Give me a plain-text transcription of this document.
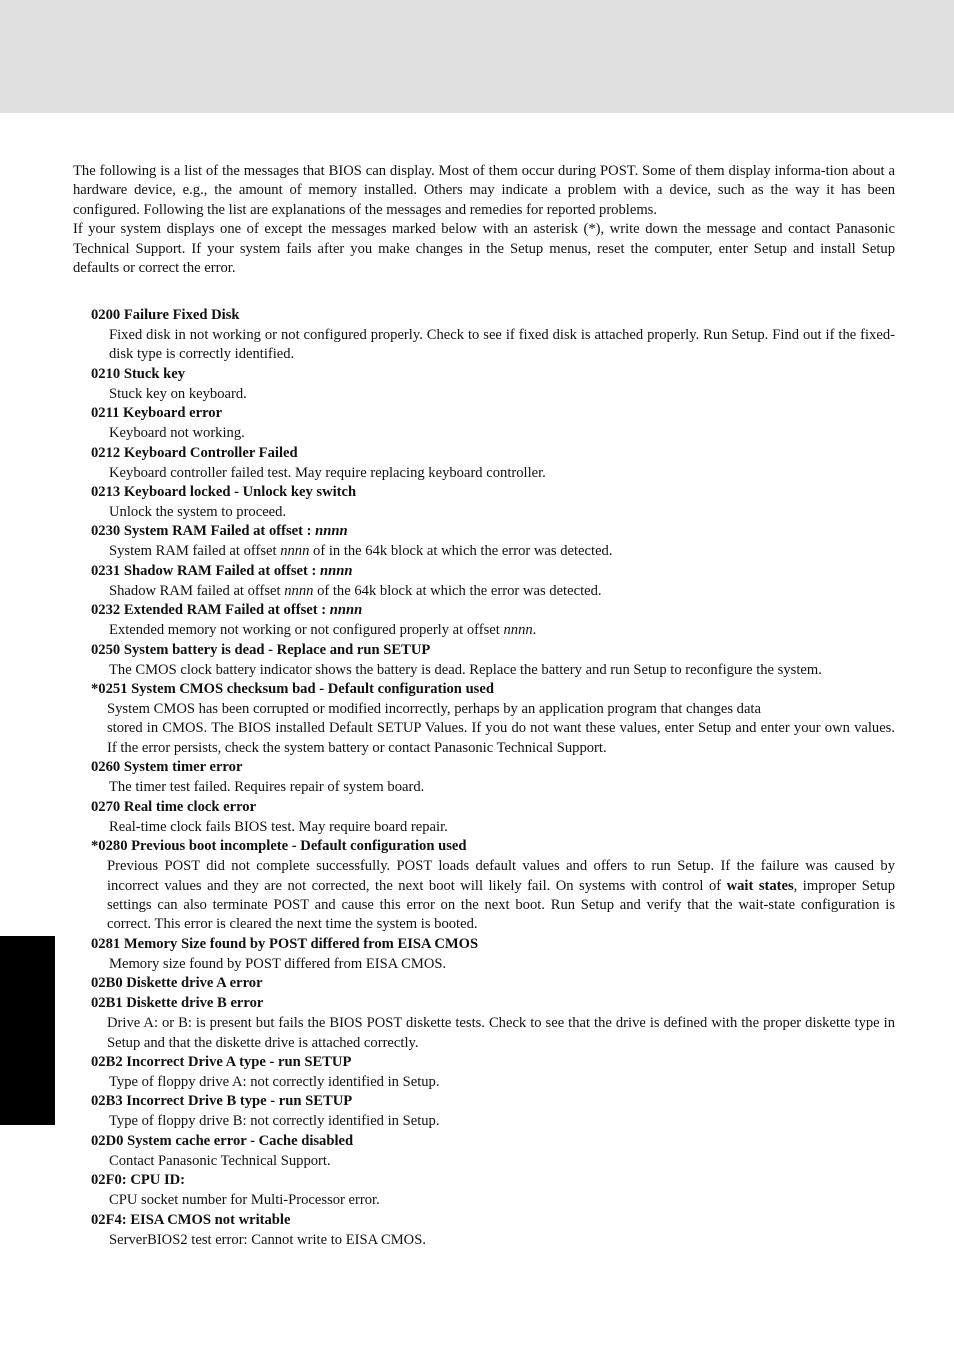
The following is a list of the messages that BIOS can display. Most of them occur during POST. Some of them display informa-tion about a hardware device, e.g., the amount of memory installed. Others may indicate a problem with a device, such as the way it has been configured. Following the list are explanations of the messages and remedies for reported problems.

If your system displays one of except the messages marked below with an asterisk (*), write down the message and contact Panasonic Technical Support. If your system fails after you make changes in the Setup menus, reset the computer, enter Setup and install Setup defaults or correct the error.

0200 Failure Fixed Disk
Fixed disk in not working or not configured properly. Check to see if fixed disk is attached properly. Run Setup. Find out if the fixed-disk type is correctly identified.
0210 Stuck key
Stuck key on keyboard.
0211 Keyboard error
Keyboard not working.
0212 Keyboard Controller Failed
Keyboard controller failed test. May require replacing keyboard controller.
0213 Keyboard locked - Unlock key switch
Unlock the system to proceed.
0230 System RAM Failed at offset : nnnn
System RAM failed at offset nnnn of in the 64k block at which the error was detected.
0231 Shadow RAM Failed at offset : nnnn
Shadow RAM failed at offset nnnn of the 64k block at which the error was detected.
0232 Extended RAM Failed at offset : nnnn
Extended memory not working or not configured properly at offset nnnn.
0250 System battery is dead - Replace and run SETUP
The CMOS clock battery indicator shows the battery is dead. Replace the battery and run Setup to reconfigure the system.
*0251 System CMOS checksum bad - Default configuration used
System CMOS has been corrupted or modified incorrectly, perhaps by an application program that changes data
stored in CMOS. The BIOS installed Default SETUP Values. If you do not want these values, enter Setup and enter your own values. If the error persists, check the system battery or contact Panasonic Technical Support.
0260 System timer error
The timer test failed. Requires repair of system board.
0270 Real time clock error
Real-time clock fails BIOS test. May require board repair.
*0280 Previous boot incomplete - Default configuration used
Previous POST did not complete successfully. POST loads default values and offers to run Setup. If the failure was caused by incorrect values and they are not corrected, the next boot will likely fail. On systems with control of wait states, improper Setup settings can also terminate POST and cause this error on the next boot. Run Setup and verify that the wait-state configuration is correct. This error is cleared the next time the system is booted.
0281 Memory Size found by POST differed from EISA CMOS
Memory size found by POST differed from EISA CMOS.
02B0 Diskette drive A error
02B1 Diskette drive B error
Drive A: or B: is present but fails the BIOS POST diskette tests. Check to see that the drive is defined with the proper diskette type in Setup and that the diskette drive is attached correctly.
02B2 Incorrect Drive A type - run SETUP
Type of floppy drive A: not correctly identified in Setup.
02B3 Incorrect Drive B type - run SETUP
Type of floppy drive B: not correctly identified in Setup.
02D0 System cache error - Cache disabled
Contact Panasonic Technical Support.
02F0: CPU ID:
CPU socket number for Multi-Processor error.
02F4: EISA CMOS not writable
ServerBIOS2 test error: Cannot write to EISA CMOS.
